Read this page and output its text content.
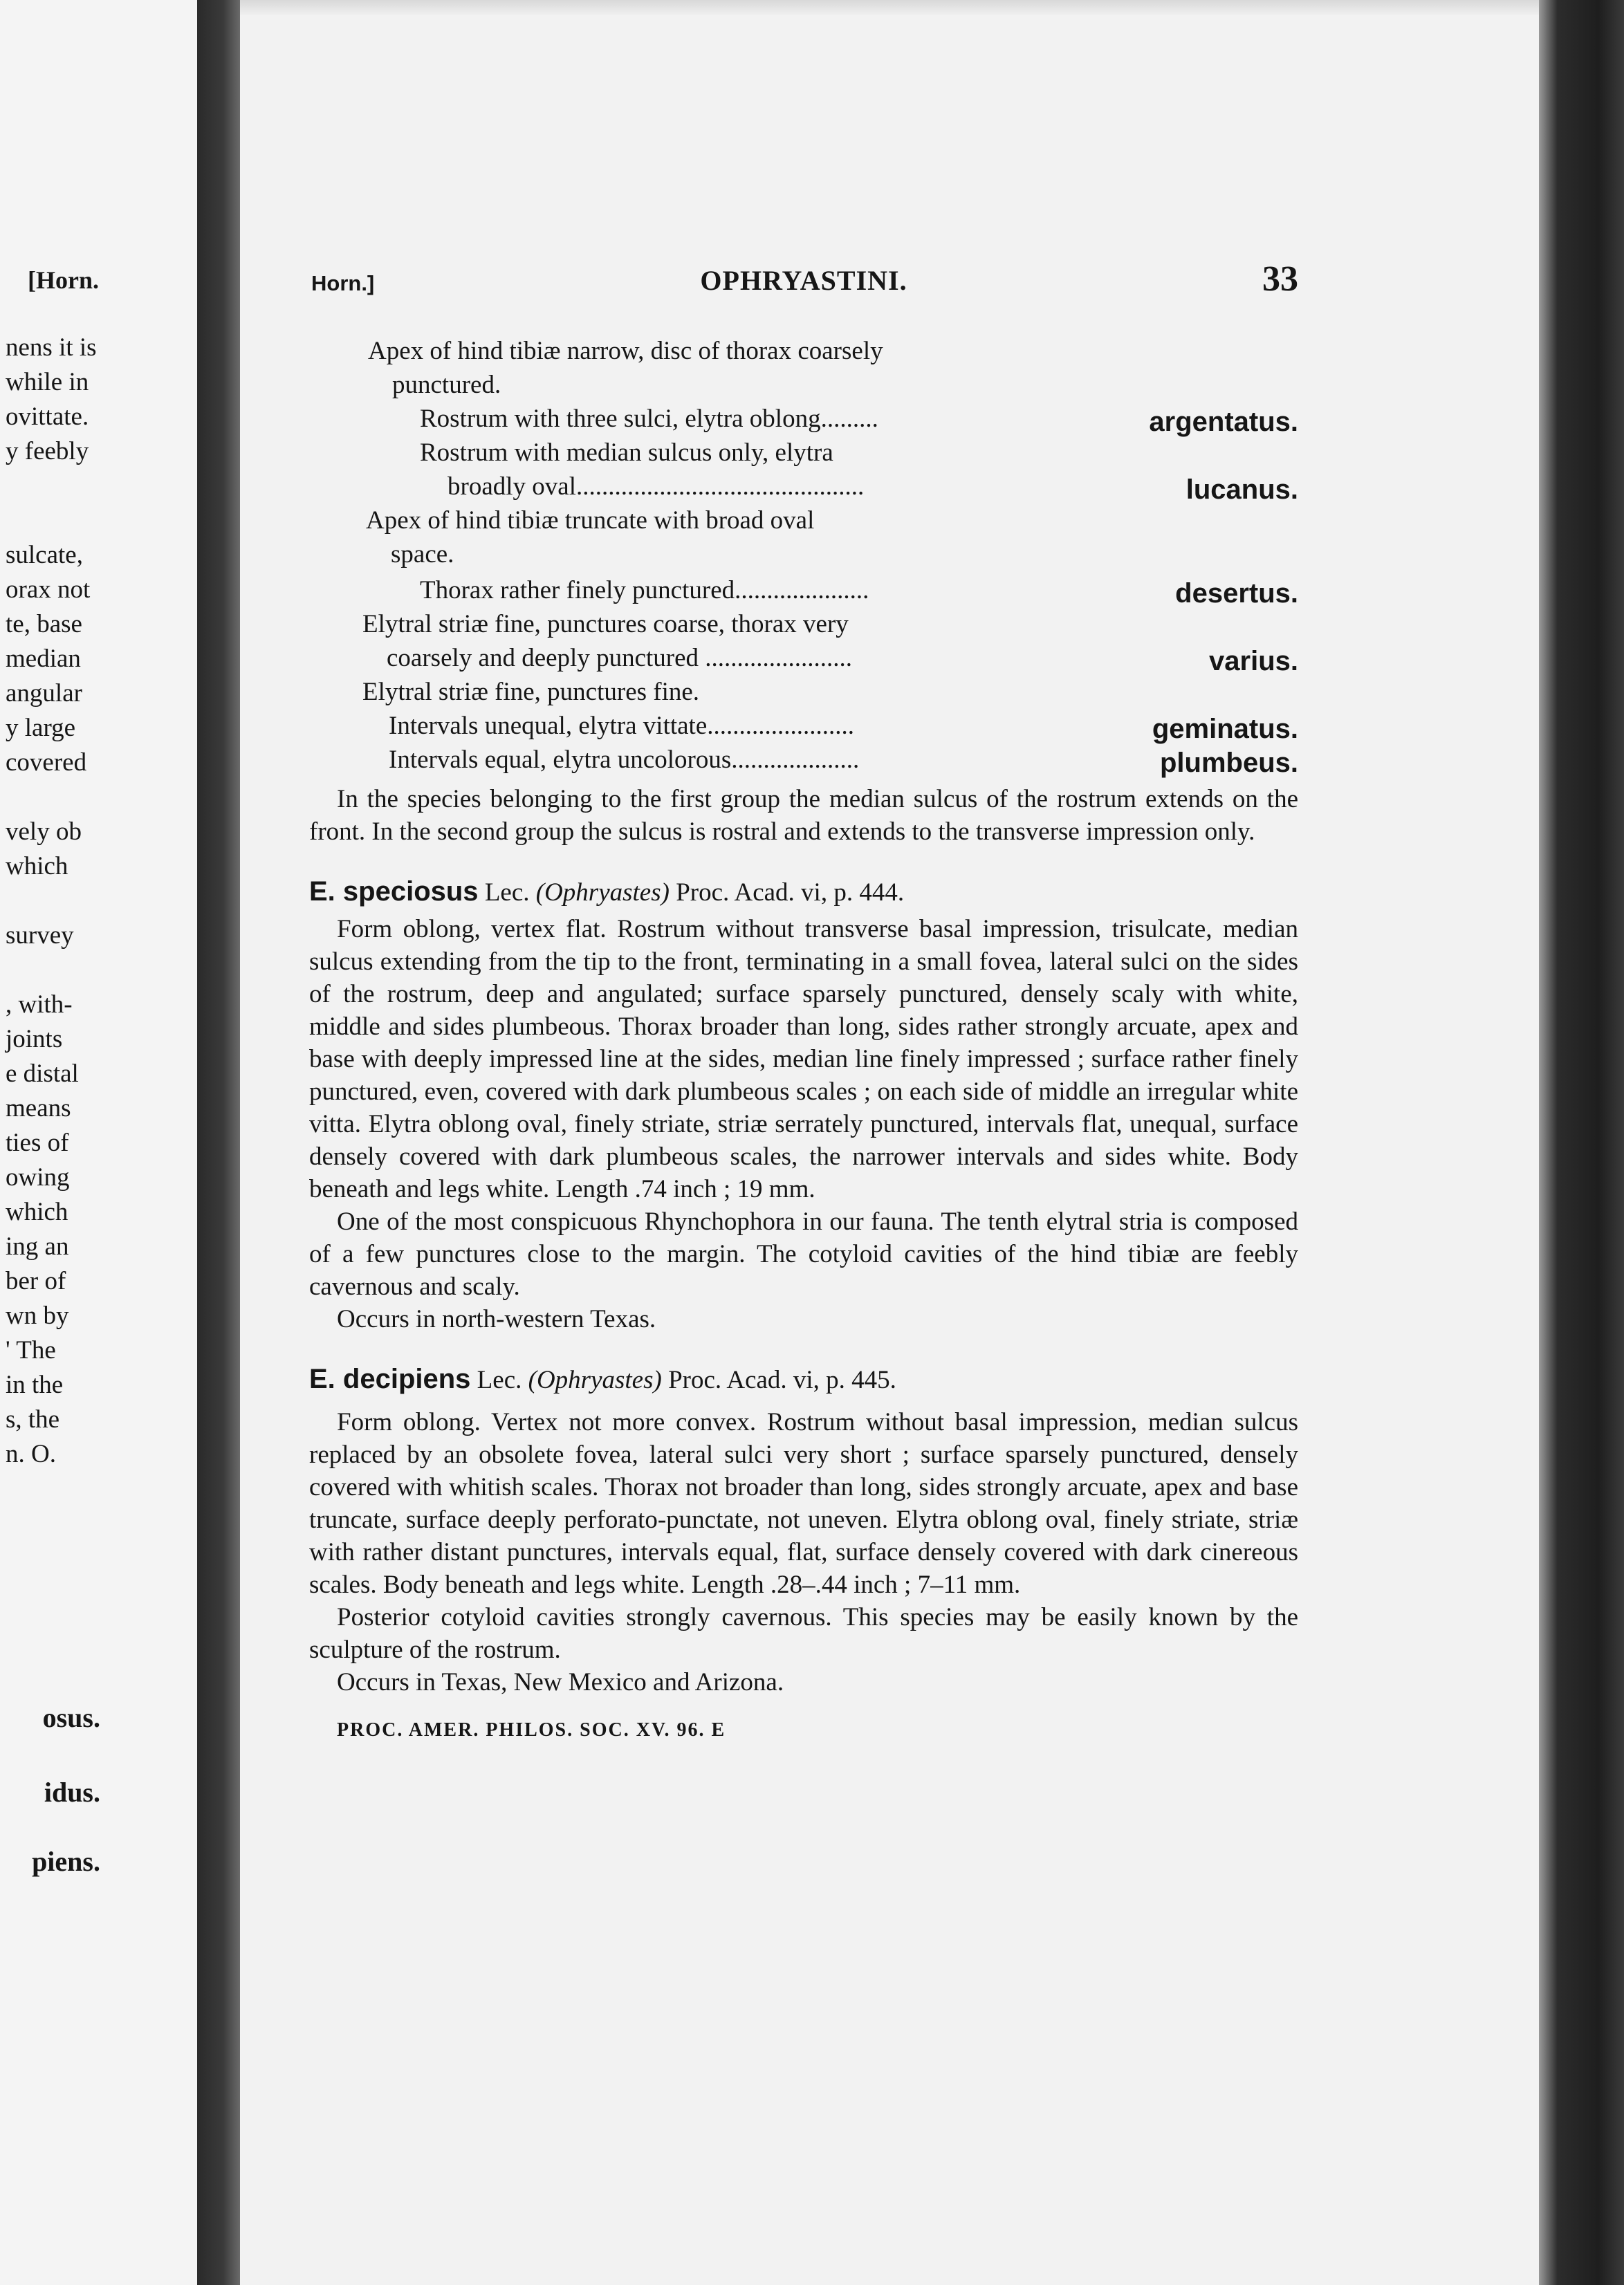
[Horn.
nens it is
while in
ovittate.
y feebly
sulcate,
orax not
te, base
median
angular
y large
covered
vely ob
which
survey
, with-
joints
e distal
means
ties of
owing
which
ing an
ber of
wn by
' The
in the
s, the
n. O.
osus.
idus.
piens.
Horn.]	OPHRYASTINI.	33
Apex of hind tibiæ narrow, disc of thorax coarsely
punctured.
Rostrum with three sulci, elytra oblong.........	argentatus.
Rostrum with median sulcus only, elytra
broadly oval.............................................	lucanus.
Apex of hind tibiæ truncate with broad oval
space.
Thorax rather finely punctured.....................	desertus.
Elytral striæ fine, punctures coarse, thorax very
coarsely and deeply punctured .......................	varius.
Elytral striæ fine, punctures fine.
Intervals unequal, elytra vittate.......................	geminatus.
Intervals equal, elytra uncolorous....................	plumbeus.

In the species belonging to the first group the median sulcus of the rostrum extends on the front. In the second group the sulcus is rostral and extends to the transverse impression only.

E. speciosus Lec. (Ophryastes) Proc. Acad. vi, p. 444.

Form oblong, vertex flat. Rostrum without transverse basal impression, trisulcate, median sulcus extending from the tip to the front, terminating in a small fovea, lateral sulci on the sides of the rostrum, deep and angulated; surface sparsely punctured, densely scaly with white, middle and sides plumbeous. Thorax broader than long, sides rather strongly arcuate, apex and base with deeply impressed line at the sides, median line finely impressed ; surface rather finely punctured, even, covered with dark plumbeous scales ; on each side of middle an irregular white vitta. Elytra oblong oval, finely striate, striæ serrately punctured, intervals flat, unequal, surface densely covered with dark plumbeous scales, the narrower intervals and sides white. Body beneath and legs white. Length .74 inch ; 19 mm.

One of the most conspicuous Rhynchophora in our fauna. The tenth elytral stria is composed of a few punctures close to the margin. The cotyloid cavities of the hind tibiæ are feebly cavernous and scaly.

Occurs in north-western Texas.

E. decipiens Lec. (Ophryastes) Proc. Acad. vi, p. 445.

Form oblong. Vertex not more convex. Rostrum without basal impression, median sulcus replaced by an obsolete fovea, lateral sulci very short ; surface sparsely punctured, densely covered with whitish scales. Thorax not broader than long, sides strongly arcuate, apex and base truncate, surface deeply perforato-punctate, not uneven. Elytra oblong oval, finely striate, striæ with rather distant punctures, intervals equal, flat, surface densely covered with dark cinereous scales. Body beneath and legs white. Length .28–.44 inch ; 7–11 mm.

Posterior cotyloid cavities strongly cavernous. This species may be easily known by the sculpture of the rostrum.

Occurs in Texas, New Mexico and Arizona.

PROC. AMER. PHILOS. SOC. XV. 96. E
